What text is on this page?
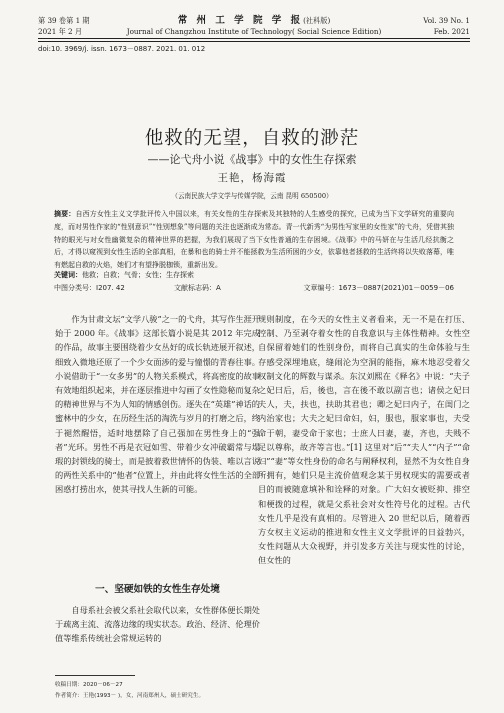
第 39 卷第 1 期	常 州 工 学 院 学 报(社科版)	Vol. 39 No. 1
2021 年 2 月	Journal of Changzhou Institute of Technology( Social Science Edition)	Feb. 2021
doi:10. 3969/j. issn. 1673－0887. 2021. 01. 012
他救的无望，自救的渺茫
——论弋舟小说《战事》中的女性生存探索
王艳，杨海霞
（云南民族大学文学与传媒学院，云南 昆明 650500）
摘要：自西方女性主义文学批评传入中国以来，有关女性的生存探索及其独特的人生感受的探究，已成为当下文学研究的重要向度，而对男性作家的“性别意识”“性别想象”等问题的关注也逐渐成为常态。青一代新秀“为男性写家里的女性家”的弋舟，凭借其独特的眼光与对女性幽微复杂的精神世界的把握，为我们展现了当下女性普通的生存困境。《战事》中的马妍在与生活几经抗衡之后，才得以窥视到女性生活的全部真相，在暴和也的骑士并不能拯救为生活所困的少女，依靠他者拯救的生活终将以失败落幕，唯有燃起自救的火焰，她们才有望挣脱枷锁，重新出发。
关键词：他救；自救；气骨；女性；生存探索
中图分类号：I207. 42	文献标志码：A	文章编号：1673－0887(2021)01－0059－06

作为甘肃文坛“文学八骏”之一的弋舟，其写作生涯开始于 2000 年。《战事》这部长篇小说是其 2012 年完成的作品，故事主要围绕着少女丛好的成长轨迹展开叙述，细致入微地还原了一个少女面涉的爱与憧憬的青春往事。小说借助于“一女多男”的人物关系模式，将高密度的故事有效地组织起来，并在逐层推进中勾画了女性隐秘而复杂的精神世界与不为人知的情感创伤。逐失在“英雄”神话的蜜林中的少女，在历经生活的淘洗与岁月的打磨之后，终于褪然醒悟，适时地摆除了自己强加在男性身上的“强者”光环。男性不再是衣冠如雪、带着少女冲破霸常与塌瑕的封锁线的骑士，而是披着救世情怀的伪装、唯以言说的两性关系中的“他者”位置上，并由此将女性生活的全部困惑打捞出水，使其寻找人生新的可能。

一、坚硬如铁的女性生存处境

自母系社会被父系社会取代以来，女性群体便长期处于疏离主流、流落边缘的现实状态。政治、经济、伦理价值等维系传统社会常规运转的

规则制度，在今天的女性主义者看来，无一不是在打压、控制、乃至剥夺着女性的自我意识与主体性精神。女性空自保留着她们的性别身份，而将自己真实的生命体验与生存感受深埋地底，缝闹沦为空洞的能指，麻木地忍受着父权制文化的辉数与谋杀。东汉刘熙在《释名》中说：“夫子之妃曰后，后，後也，言在後不敢以副言也；诸侯之妃曰夫人，夫，扶也，扶助其君也；卿之妃曰内子，在闺门之内治家也；大夫之妃曰命妇，妇，服也，服家事也，夫受命于朝，妻受命于家也；士庶人曰妻，妻，齐也，夫贱不足以尊称，故齐等言也。”[1] 这里对“后”“夫人”“内子”“命妇”“妻”等女性身份的命名与阐释权利，显然不为女性自身所拥有，她们只是主流价值观念某于男权现实的需要或者目的而被随意填补和诠释的对象。广大妇女被贬抑、排空和梗拨的过程，就是父系社会对女性符号化的过程。古代女性几乎是没有真相的。尽管进入 20 世纪以后，随着西方女权主义运动的推进和女性主义文学批评的日益勃兴，女性问题从大众视野，并引发多方关注与现实性的讨论，但女性的

收稿日期：2020－06－27
作者简介：王艳(1993－ )，女，河南郑州人，硕士研究生。
